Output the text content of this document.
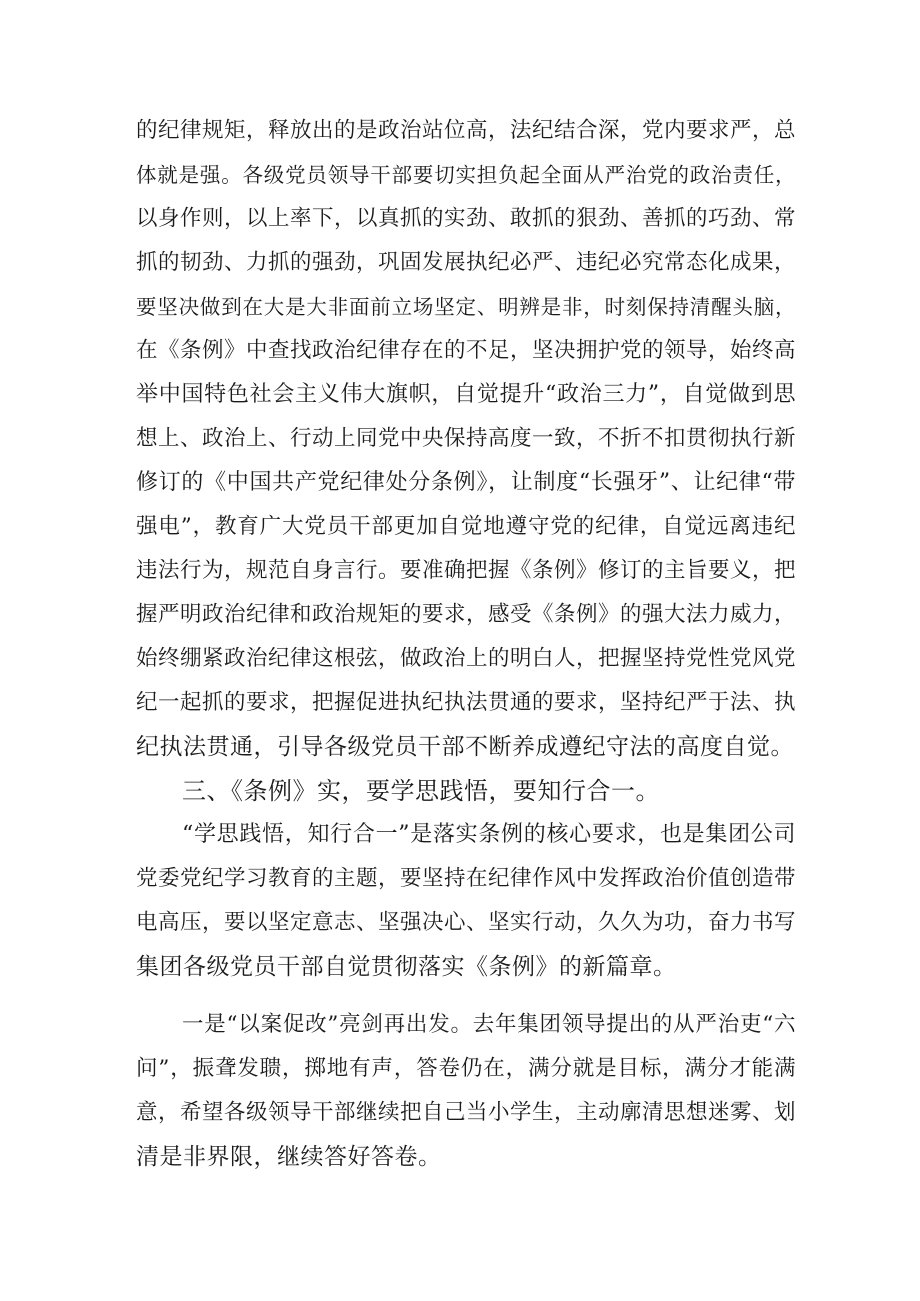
的纪律规矩，释放出的是政治站位高，法纪结合深，党内要求严，总
体就是强。各级党员领导干部要切实担负起全面从严治党的政治责任，
以身作则，以上率下，以真抓的实劲、敢抓的狠劲、善抓的巧劲、常
抓的韧劲、力抓的强劲，巩固发展执纪必严、违纪必究常态化成果，
要坚决做到在大是大非面前立场坚定、明辨是非，时刻保持清醒头脑，
在《条例》中查找政治纪律存在的不足，坚决拥护党的领导，始终高
举中国特色社会主义伟大旗帜，自觉提升“政治三力”，自觉做到思
想上、政治上、行动上同党中央保持高度一致，不折不扣贯彻执行新
修订的《中国共产党纪律处分条例》，让制度“长强牙”、让纪律“带
强电”，教育广大党员干部更加自觉地遵守党的纪律，自觉远离违纪
违法行为，规范自身言行。要准确把握《条例》修订的主旨要义，把
握严明政治纪律和政治规矩的要求，感受《条例》的强大法力威力，
始终绷紧政治纪律这根弦，做政治上的明白人，把握坚持党性党风党
纪一起抓的要求，把握促进执纪执法贯通的要求，坚持纪严于法、执
纪执法贯通，引导各级党员干部不断养成遵纪守法的高度自觉。
三、《条例》实，要学思践悟，要知行合一。
“学思践悟，知行合一”是落实条例的核心要求，也是集团公司
党委党纪学习教育的主题，要坚持在纪律作风中发挥政治价值创造带
电高压，要以坚定意志、坚强决心、坚实行动，久久为功，奋力书写
集团各级党员干部自觉贯彻落实《条例》的新篇章。
一是“以案促改”亮剑再出发。去年集团领导提出的从严治吏“六
问”，振聋发聩，掷地有声，答卷仍在，满分就是目标，满分才能满
意，希望各级领导干部继续把自己当小学生，主动廓清思想迷雾、划
清是非界限，继续答好答卷。
